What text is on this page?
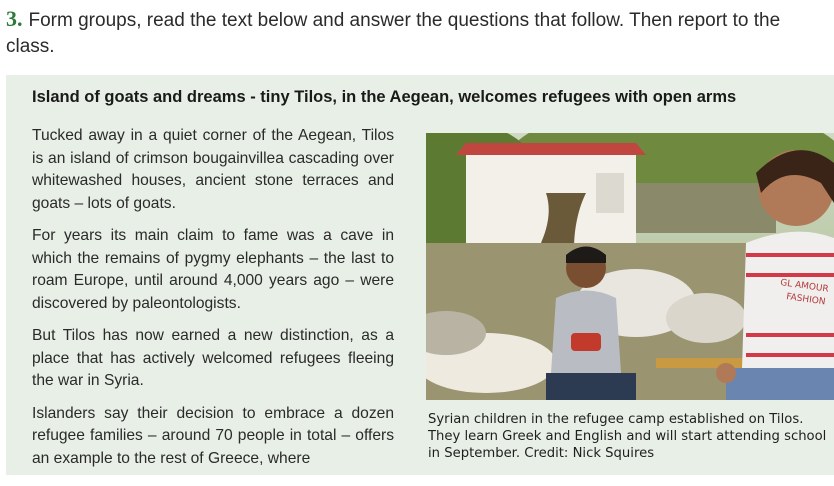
3. Form groups, read the text below and answer the questions that follow. Then report to the class.
Island of goats and dreams - tiny Tilos, in the Aegean, welcomes refugees with open arms

Tucked away in a quiet corner of the Aegean, Tilos is an island of crimson bougainvillea cascading over whitewashed houses, ancient stone terraces and goats – lots of goats.

For years its main claim to fame was a cave in which the remains of pygmy elephants – the last to roam Europe, until around 4,000 years ago – were discovered by paleontologists.

But Tilos has now earned a new distinction, as a place that has actively welcomed refugees fleeing the war in Syria.

Islanders say their decision to embrace a dozen refugee families – around 70 people in total – offers an example to the rest of Greece, where

GL AMOUR
FASHION
Syrian children in the refugee camp established on Tilos. They learn Greek and English and will start attending school in September. Credit: Nick Squires
